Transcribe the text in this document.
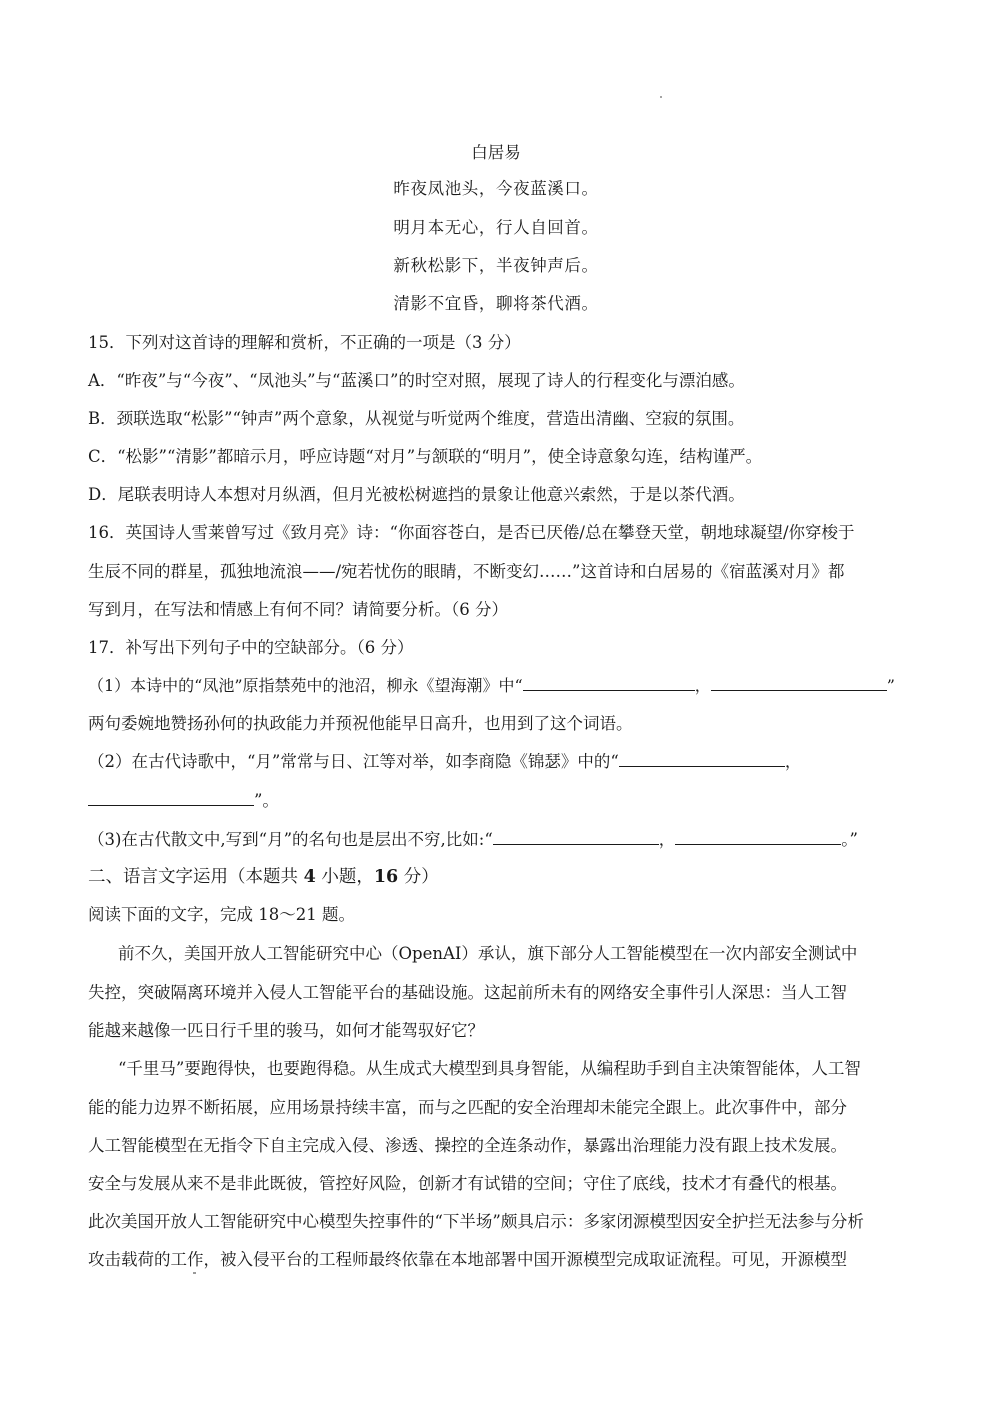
白居易
昨夜凤池头，今夜蓝溪口。
明月本无心，行人自回首。
新秋松影下，半夜钟声后。
清影不宜昏，聊将茶代酒。
15．下列对这首诗的理解和赏析，不正确的一项是（3 分）
A．“昨夜”与“今夜”、“凤池头”与“蓝溪口”的时空对照，展现了诗人的行程变化与漂泊感。
B．颈联选取“松影”“钟声”两个意象，从视觉与听觉两个维度，营造出清幽、空寂的氛围。
C．“松影”“清影”都暗示月，呼应诗题“对月”与颔联的“明月”，使全诗意象勾连，结构谨严。
D．尾联表明诗人本想对月纵酒，但月光被松树遮挡的景象让他意兴索然，于是以茶代酒。
16．英国诗人雪莱曾写过《致月亮》诗：“你面容苍白，是否已厌倦/总在攀登天堂，朝地球凝望/你穿梭于
生辰不同的群星，孤独地流浪——/宛若忧伤的眼睛，不断变幻……”这首诗和白居易的《宿蓝溪对月》都
写到月，在写法和情感上有何不同？请简要分析。（6 分）
17．补写出下列句子中的空缺部分。（6 分）
（1）本诗中的“凤池”原指禁苑中的池沼，柳永《望海潮》中“	，	”
两句委婉地赞扬孙何的执政能力并预祝他能早日高升，也用到了这个词语。
（2）在古代诗歌中，“月”常常与日、江等对举，如李商隐《锦瑟》中的“	，
”。
（3)在古代散文中,写到“月”的名句也是层出不穷,比如:“	，	。”
二、语言文字运用（本题共 4 小题，16 分）
阅读下面的文字，完成 18～21 题。
前不久，美国开放人工智能研究中心（OpenAI）承认，旗下部分人工智能模型在一次内部安全测试中
失控，突破隔离环境并入侵人工智能平台的基础设施。这起前所未有的网络安全事件引人深思：当人工智
能越来越像一匹日行千里的骏马，如何才能驾驭好它？
“千里马”要跑得快，也要跑得稳。从生成式大模型到具身智能，从编程助手到自主决策智能体，人工智
能的能力边界不断拓展，应用场景持续丰富，而与之匹配的安全治理却未能完全跟上。此次事件中，部分
人工智能模型在无指令下自主完成入侵、渗透、操控的全连条动作，暴露出治理能力没有跟上技术发展。
安全与发展从来不是非此既彼，管控好风险，创新才有试错的空间；守住了底线，技术才有叠代的根基。
此次美国开放人工智能研究中心模型失控事件的“下半场”颇具启示：多家闭源模型因安全护拦无法参与分析
攻击载荷的工作，被入侵平台的工程师最终依靠在本地部署中国开源模型完成取证流程。可见，开源模型
